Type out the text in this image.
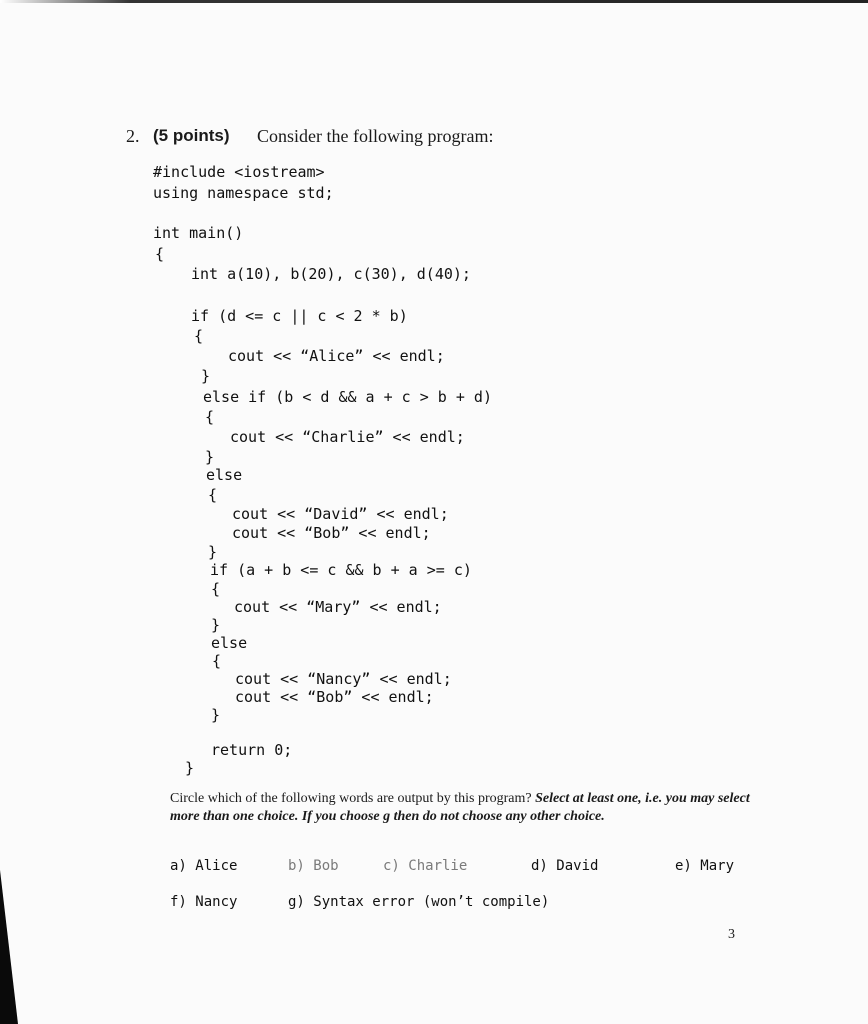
2. (5 points) Consider the following program:
#include <iostream>
using namespace std;
int main()
{
int a(10), b(20), c(30), d(40);
if (d <= c || c < 2 * b)
{
cout << “Alice” << endl;
}
else if (b < d && a + c > b + d)
{
cout << “Charlie” << endl;
}
else
{
cout << “David” << endl;
cout << “Bob” << endl;
}
if (a + b <= c && b + a >= c)
{
cout << “Mary” << endl;
}
else
{
cout << “Nancy” << endl;
cout << “Bob” << endl;
}
return 0;
}

Circle which of the following words are output by this program? Select at least one, i.e. you may select more than one choice. If you choose g then do not choose any other choice.

a) Alice	b) Bob	c) Charlie	d) David	e) Mary
f) Nancy	g) Syntax error (won’t compile)
3
